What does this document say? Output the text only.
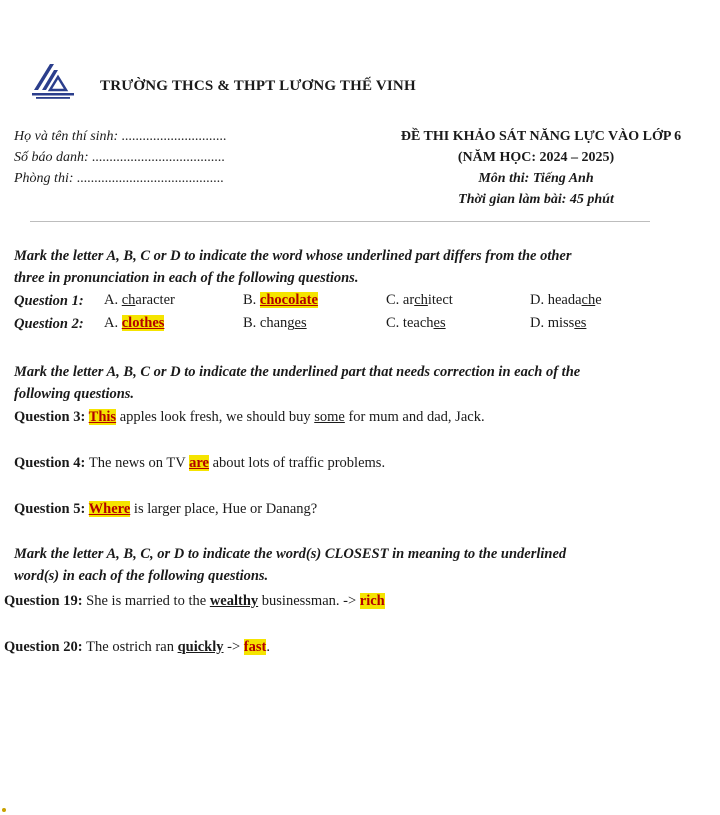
TRƯỜNG THCS & THPT LƯƠNG THẾ VINH
Họ và tên thí sinh: ..............................
Số báo danh: ......................................
Phòng thi: ..........................................
ĐỀ THI KHẢO SÁT NĂNG LỰC VÀO LỚP 6
(NĂM HỌC: 2024 – 2025)
Môn thi: Tiếng Anh
Thời gian làm bài: 45 phút
Mark the letter A, B, C or D to indicate the word whose underlined part differs from the other
three in pronunciation in each of the following questions.
Question 1: A. character	B. chocolate	C. architect	D. headache
Question 2: A. clothes	B. changes	C. teaches	D. misses
Mark the letter A, B, C or D to indicate the underlined part that needs correction in each of the
following questions.
Question 3: This apples look fresh, we should buy some for mum and dad, Jack.
Question 4: The news on TV are about lots of traffic problems.
Question 5: Where is larger place, Hue or Danang?
Mark the letter A, B, C, or D to indicate the word(s) CLOSEST in meaning to the underlined
word(s) in each of the following questions.
Question 19: She is married to the wealthy businessman. -> rich
Question 20: The ostrich ran quickly -> fast.
